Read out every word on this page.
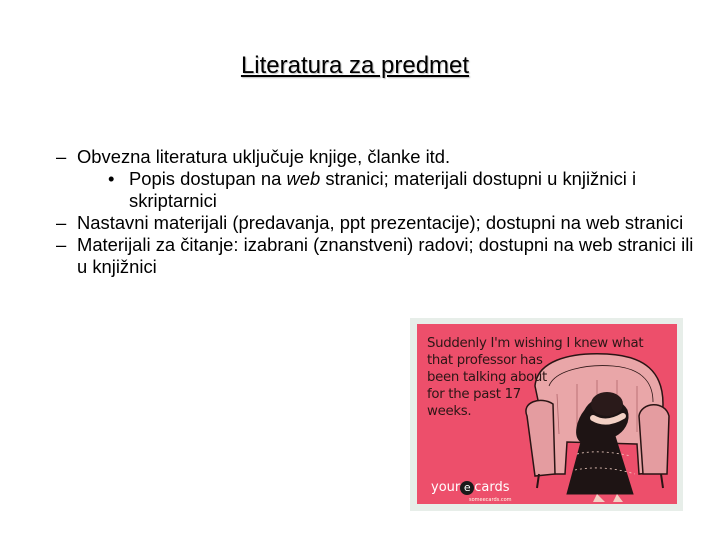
Literatura za predmet

– Obvezna literatura uključuje knjige, članke itd.

• Popis dostupan na web stranici; materijali dostupni u knjižnici i skriptarnici

– Nastavni materijali (predavanja, ppt prezentacije); dostupni na web stranici

– Materijali za čitanje: izabrani (znanstveni) radovi; dostupni na web stranici ili u knjižnici

Suddenly I'm wishing I knew what
that professor has
been talking about
for the past 17
weeks.
your e cards
someecards.com
